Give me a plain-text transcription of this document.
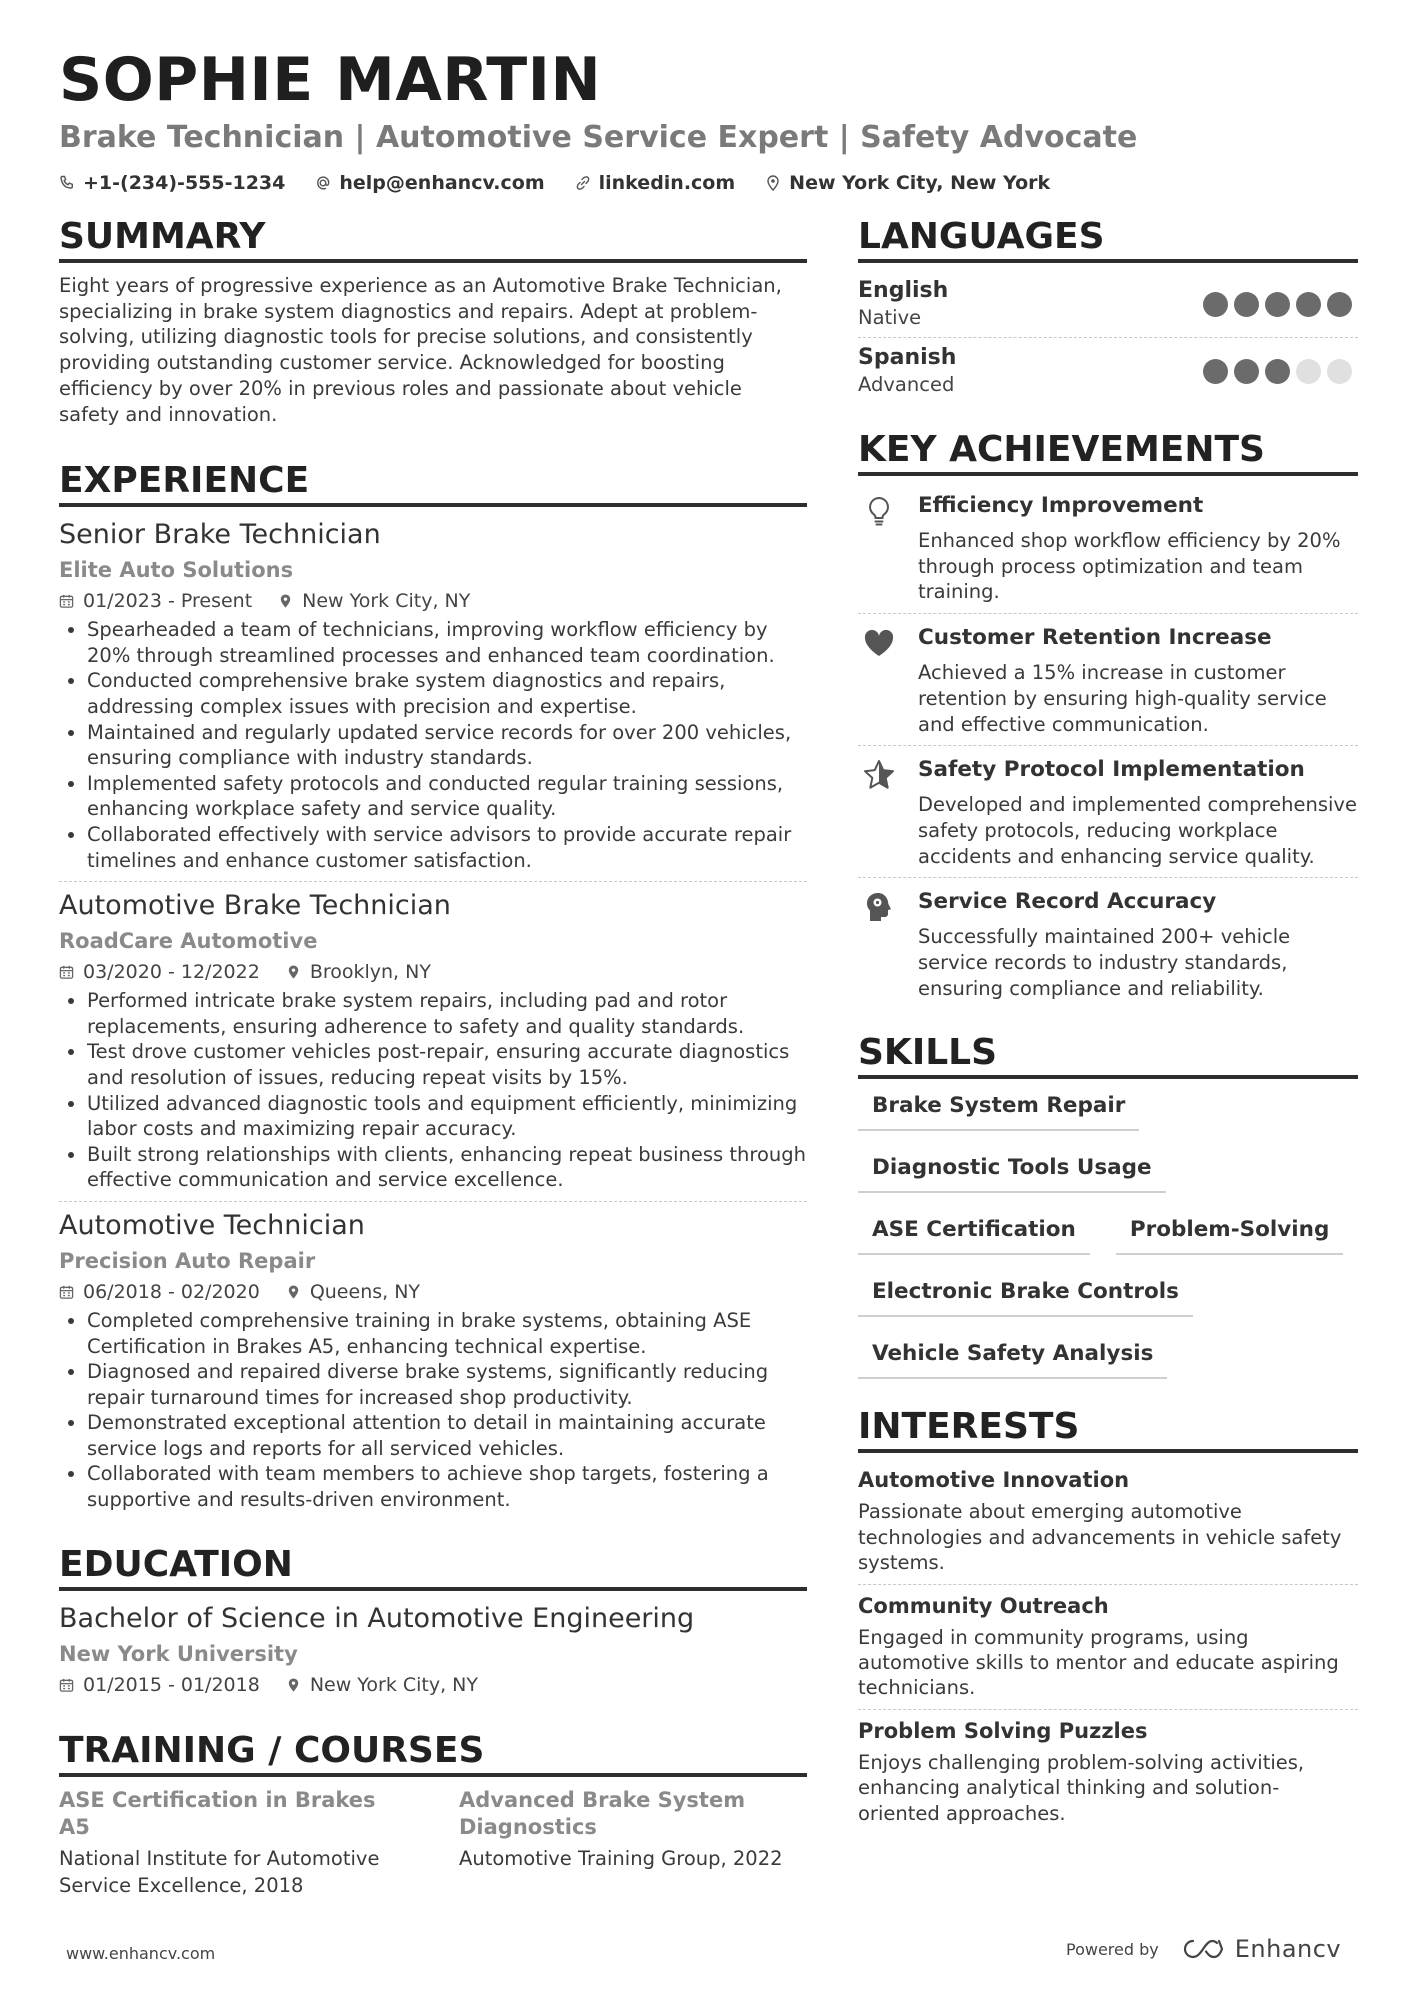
SOPHIE MARTIN
Brake Technician | Automotive Service Expert | Safety Advocate
+1-(234)-555-1234	help@enhancv.com	linkedin.com	New York City, New York
SUMMARY
Eight years of progressive experience as an Automotive Brake Technician, specializing in brake system diagnostics and repairs. Adept at problem-solving, utilizing diagnostic tools for precise solutions, and consistently providing outstanding customer service. Acknowledged for boosting efficiency by over 20% in previous roles and passionate about vehicle safety and innovation.
EXPERIENCE
Senior Brake Technician
Elite Auto Solutions
01/2023 - Present	New York City, NY
• Spearheaded a team of technicians, improving workflow efficiency by 20% through streamlined processes and enhanced team coordination.
• Conducted comprehensive brake system diagnostics and repairs, addressing complex issues with precision and expertise.
• Maintained and regularly updated service records for over 200 vehicles, ensuring compliance with industry standards.
• Implemented safety protocols and conducted regular training sessions, enhancing workplace safety and service quality.
• Collaborated effectively with service advisors to provide accurate repair timelines and enhance customer satisfaction.
Automotive Brake Technician
RoadCare Automotive
03/2020 - 12/2022	Brooklyn, NY
• Performed intricate brake system repairs, including pad and rotor replacements, ensuring adherence to safety and quality standards.
• Test drove customer vehicles post-repair, ensuring accurate diagnostics and resolution of issues, reducing repeat visits by 15%.
• Utilized advanced diagnostic tools and equipment efficiently, minimizing labor costs and maximizing repair accuracy.
• Built strong relationships with clients, enhancing repeat business through effective communication and service excellence.
Automotive Technician
Precision Auto Repair
06/2018 - 02/2020	Queens, NY
• Completed comprehensive training in brake systems, obtaining ASE Certification in Brakes A5, enhancing technical expertise.
• Diagnosed and repaired diverse brake systems, significantly reducing repair turnaround times for increased shop productivity.
• Demonstrated exceptional attention to detail in maintaining accurate service logs and reports for all serviced vehicles.
• Collaborated with team members to achieve shop targets, fostering a supportive and results-driven environment.
EDUCATION
Bachelor of Science in Automotive Engineering
New York University
01/2015 - 01/2018	New York City, NY
TRAINING / COURSES
ASE Certification in Brakes A5
National Institute for Automotive Service Excellence, 2018
Advanced Brake System Diagnostics
Automotive Training Group, 2022
LANGUAGES
English
Native
Spanish
Advanced
KEY ACHIEVEMENTS
Efficiency Improvement
Enhanced shop workflow efficiency by 20% through process optimization and team training.
Customer Retention Increase
Achieved a 15% increase in customer retention by ensuring high-quality service and effective communication.
Safety Protocol Implementation
Developed and implemented comprehensive safety protocols, reducing workplace accidents and enhancing service quality.
Service Record Accuracy
Successfully maintained 200+ vehicle service records to industry standards, ensuring compliance and reliability.
SKILLS
Brake System Repair
Diagnostic Tools Usage
ASE Certification	Problem-Solving
Electronic Brake Controls
Vehicle Safety Analysis
INTERESTS
Automotive Innovation
Passionate about emerging automotive technologies and advancements in vehicle safety systems.
Community Outreach
Engaged in community programs, using automotive skills to mentor and educate aspiring technicians.
Problem Solving Puzzles
Enjoys challenging problem-solving activities, enhancing analytical thinking and solution-oriented approaches.
www.enhancv.com	Powered by	Enhancv
